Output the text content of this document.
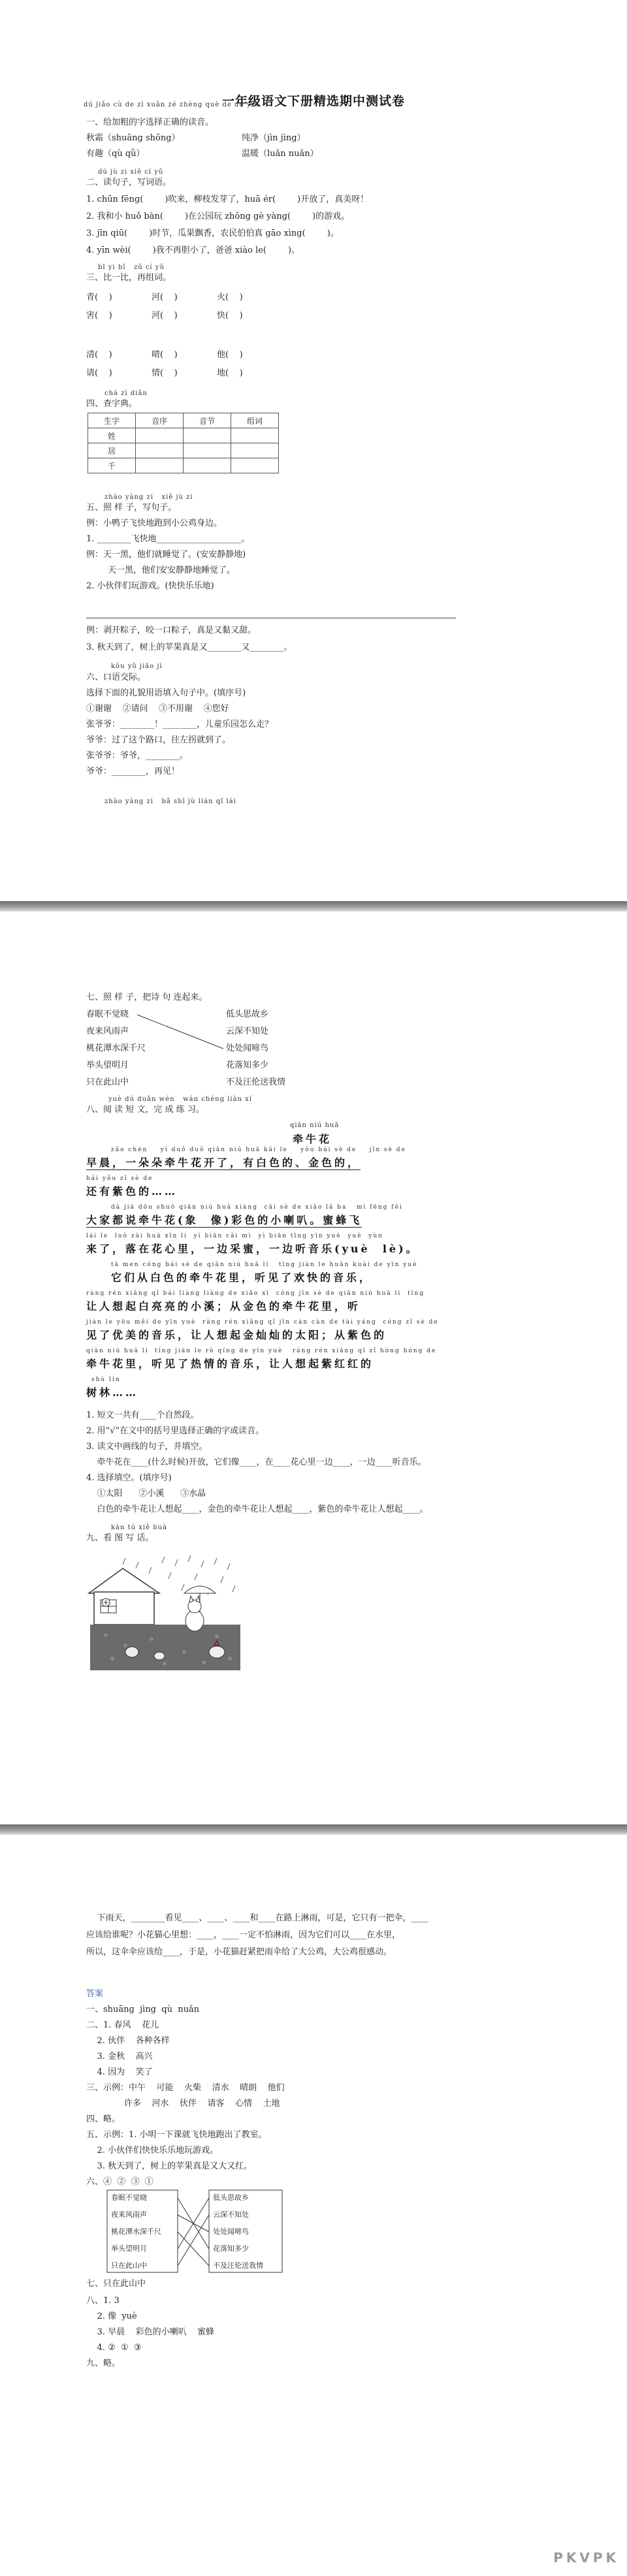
一年级语文下册精选期中测试卷
dú jiǎo cù de zì xuǎn zé zhèng què de dú yīn
一、给加粗的字选择正确的读音。
秋霜（shuāng shōng）	纯净（jìn jìng）
有趣（qù qǜ）	温暖（luǎn nuǎn）
dú jù zi xiě cí yǔ
二、读句子，写词语。
1. chūn fēng(        )吹来，柳枝发芽了，huā ér(        )开放了，真美呀！
2. 我和小 huǒ bàn(        )在公园玩 zhǒng gè yàng(        )的游戏。
3. jīn qiū(        )时节，瓜果飘香，农民伯伯真 gāo xìng(        )。
4. yīn wèi(        )我不再胆小了，爸爸 xiào le(        )。
bǐ yi bǐ   zǔ cí yǔ
三、比一比，再组词。
青(    )	河(    )	火(    )
害(    )	河(    )	快(    )
清(    )	晴(    )	他(    )
请(    )	情(    )	地(    )
chá zì diǎn
四、查字典。
生字	音序	音节	组词
姓			
居			
千			
zhào yàng zi   xiě jù zi
五、照 样 子，写句子。
例：小鸭子飞快地跑到小公鸡身边。
1. ________飞快地____________________。
例：天一黑，他们就睡觉了。(安安静静地)
天一黑，他们安安静静地睡觉了。
2. 小伙伴们玩游戏。(快快乐乐地)
例：剥开粽子，咬一口粽子，真是又黏又甜。
3. 秋天到了，树上的苹果真是又________又________。
kǒu yǔ jiāo jì
六、口语交际。
选择下面的礼貌用语填入句子中。(填序号)
①谢谢    ②请问    ③不用谢    ④您好
张爷爷：________！________，儿童乐园怎么走？
爷爷：过了这个路口，往左拐就到了。
张爷爷：爷爷，________。
爷爷：________，再见！
zhào yàng zi   bǎ shī jù lián qǐ lái
七、照 样 子，把诗 句 连起来。
春眠不觉晓
夜来风雨声
桃花潭水深千尺
举头望明月
只在此山中
低头思故乡
云深不知处
处处闻啼鸟
花落知多少
不及汪伦送我情
yuè dú duǎn wén   wán chéng liàn xí
八、阅 读 短 文，完 成 练 习。
qiān niú huā
牵牛花
zǎo chén    yì duǒ duǒ qiān niú huā kāi le    yǒu bái sè de    jīn sè de
早晨，一朵朵牵牛花开了，有白色的、金色的，
hái yǒu zǐ sè de
还有紫色的……
dà jiā dōu shuō qiān niú huā xiàng  cǎi sè de xiǎo lǎ ba   mì fēng fēi
大家都说牵牛花(象  像)彩色的小喇叭。蜜蜂飞
lái le  luò zài huā xīn li  yì biān cǎi mì  yì biān tīng yīn yuè  yuè  yùn
来了，落在花心里，一边采蜜，一边听音乐(yuè  lè)。
tā men cóng bái sè de qiān niú huā li   tīng jiàn le huān kuài de yīn yuè
它们从白色的牵牛花里，听见了欢快的音乐，
ràng rén xiǎng qǐ bái liàng liàng de xiǎo xī  cóng jīn sè de qiān niú huā li  tīng
让人想起白亮亮的小溪；从金色的牵牛花里，听
jiàn le yōu měi de yīn yuè  ràng rén xiǎng qǐ jīn càn càn de tài yáng  cóng zǐ sè de
见了优美的音乐，让人想起金灿灿的太阳；从紫色的
qiān niú huā li  tīng jiàn le rè qíng de yīn yuè   ràng rén xiǎng qǐ zǐ hóng hóng de
牵牛花里，听见了热情的音乐，让人想起紫红红的
shù lín
树林……
1. 短文一共有____个自然段。
2. 用“√”在文中的括号里选择正确的字或读音。
3. 读文中画线的句子，并填空。
牵牛花在____(什么时候)开放，它们像____，在____花心里一边____，一边____听音乐。
4. 选择填空。(填序号)
①太阳      ②小溪      ③水晶
白色的牵牛花让人想起____，金色的牵牛花让人想起____，紫色的牵牛花让人想起____。
kàn tú xiě huà
九、看 图 写 话。
下雨天，________看见____、____、____和____在路上淋雨，可是，它只有一把伞，____
应该给谁呢？小花猫心里想：____，____一定不怕淋雨，因为它们可以____在水里，
所以，这伞伞应该给____，于是，小花猫赶紧把雨伞给了大公鸡，大公鸡很感动。
答案
一、shuāng  jìng  qù  nuǎn
二、1. 春风    花儿
2. 伙伴    各种各样
3. 金秋    高兴
4. 因为    笑了
三、示例：中午    可能    火柴    清水    晴朗    他们
许多    河水    伙伴    请客    心情    土地
四、略。
五、示例：1. 小明一下课就飞快地跑出了教室。
2. 小伙伴们快快乐乐地玩游戏。
3. 秋天到了，树上的苹果真是又大又红。
六、④  ②  ③  ①
春眠不觉晓
夜来风雨声
桃花潭水深千尺
举头望明月
只在此山中
低头思故乡
云深不知处
处处闻啼鸟
花落知多少
不及汪伦送我情
七、只在此山中
八、1. 3
2. 像  yuè
3. 早晨    彩色的小喇叭    蜜蜂
4. ②  ①  ③
九、略。
PKVPK
